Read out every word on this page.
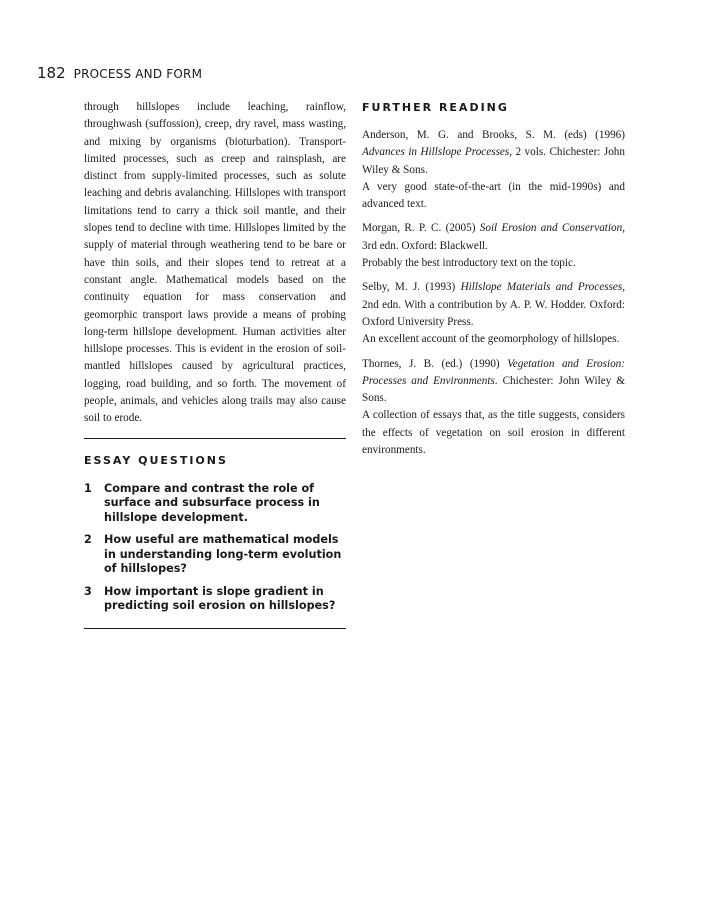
182 PROCESS AND FORM

through hillslopes include leaching, rainflow, throughwash (suffossion), creep, dry ravel, mass wasting, and mixing by organisms (bioturbation). Transport-limited processes, such as creep and rainsplash, are distinct from supply-limited processes, such as solute leaching and debris avalanching. Hillslopes with transport limitations tend to carry a thick soil mantle, and their slopes tend to decline with time. Hillslopes limited by the supply of material through weathering tend to be bare or have thin soils, and their slopes tend to retreat at a constant angle. Mathematical models based on the continuity equation for mass conservation and geomorphic transport laws provide a means of probing long-term hillslope development. Human activities alter hillslope processes. This is evident in the erosion of soil-mantled hillslopes caused by agricultural practices, logging, road building, and so forth. The movement of people, animals, and vehicles along trails may also cause soil to erode.

ESSAY QUESTIONS
1	Compare and contrast the role of surface and subsurface process in hillslope development.
2	How useful are mathematical models in understanding long-term evolution of hillslopes?
3	How important is slope gradient in predicting soil erosion on hillslopes?
FURTHER READING

Anderson, M. G. and Brooks, S. M. (eds) (1996) Advances in Hillslope Processes, 2 vols. Chichester: John Wiley & Sons.

A very good state-of-the-art (in the mid-1990s) and advanced text.

Morgan, R. P. C. (2005) Soil Erosion and Conservation, 3rd edn. Oxford: Blackwell.

Probably the best introductory text on the topic.

Selby, M. J. (1993) Hillslope Materials and Processes, 2nd edn. With a contribution by A. P. W. Hodder. Oxford: Oxford University Press.

An excellent account of the geomorphology of hillslopes.

Thornes, J. B. (ed.) (1990) Vegetation and Erosion: Processes and Environments. Chichester: John Wiley & Sons.

A collection of essays that, as the title suggests, considers the effects of vegetation on soil erosion in different environments.
